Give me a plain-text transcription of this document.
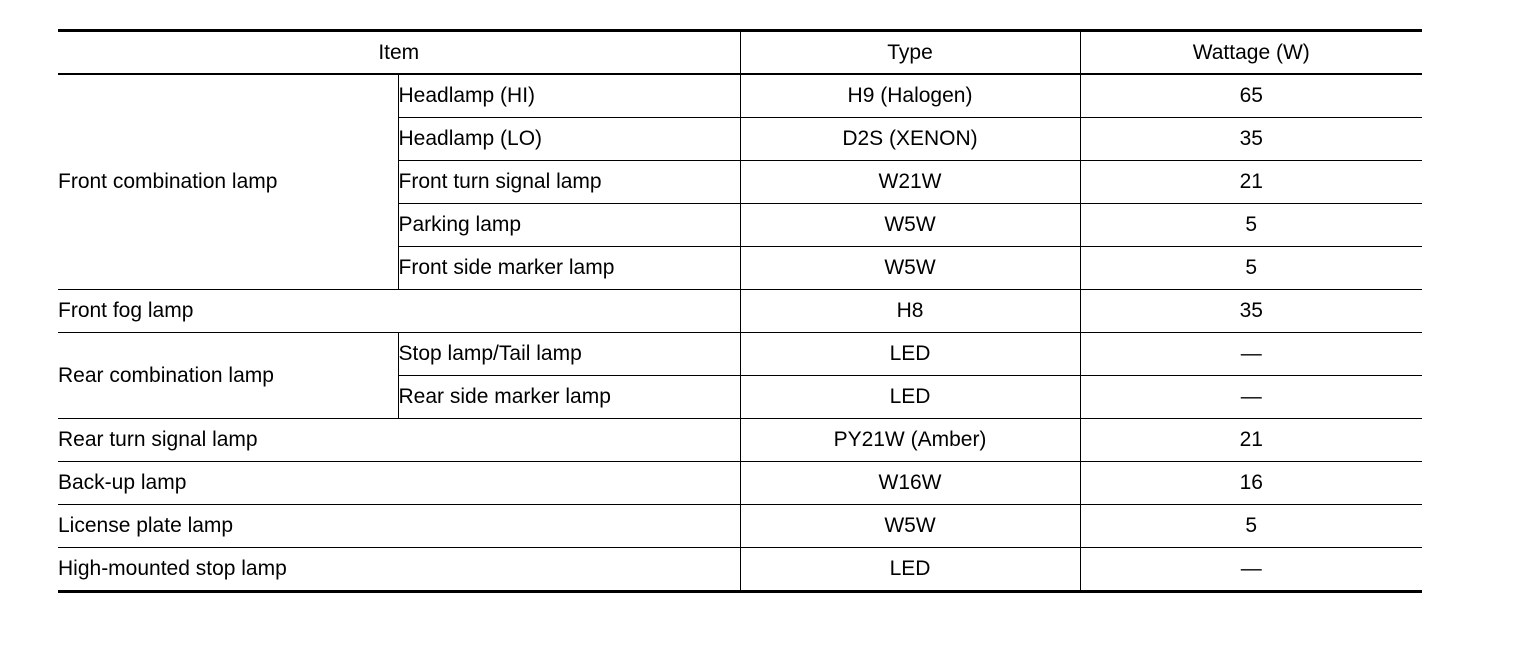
Item		Type	Wattage (W)
Front combination lamp	Headlamp (HI)	H9 (Halogen)	65
	Headlamp (LO)	D2S (XENON)	35
	Front turn signal lamp	W21W	21
	Parking lamp	W5W	5
	Front side marker lamp	W5W	5
Front fog lamp		H8	35
Rear combination lamp	Stop lamp/Tail lamp	LED	—
	Rear side marker lamp	LED	—
Rear turn signal lamp		PY21W (Amber)	21
Back-up lamp		W16W	16
License plate lamp		W5W	5
High-mounted stop lamp		LED	—
